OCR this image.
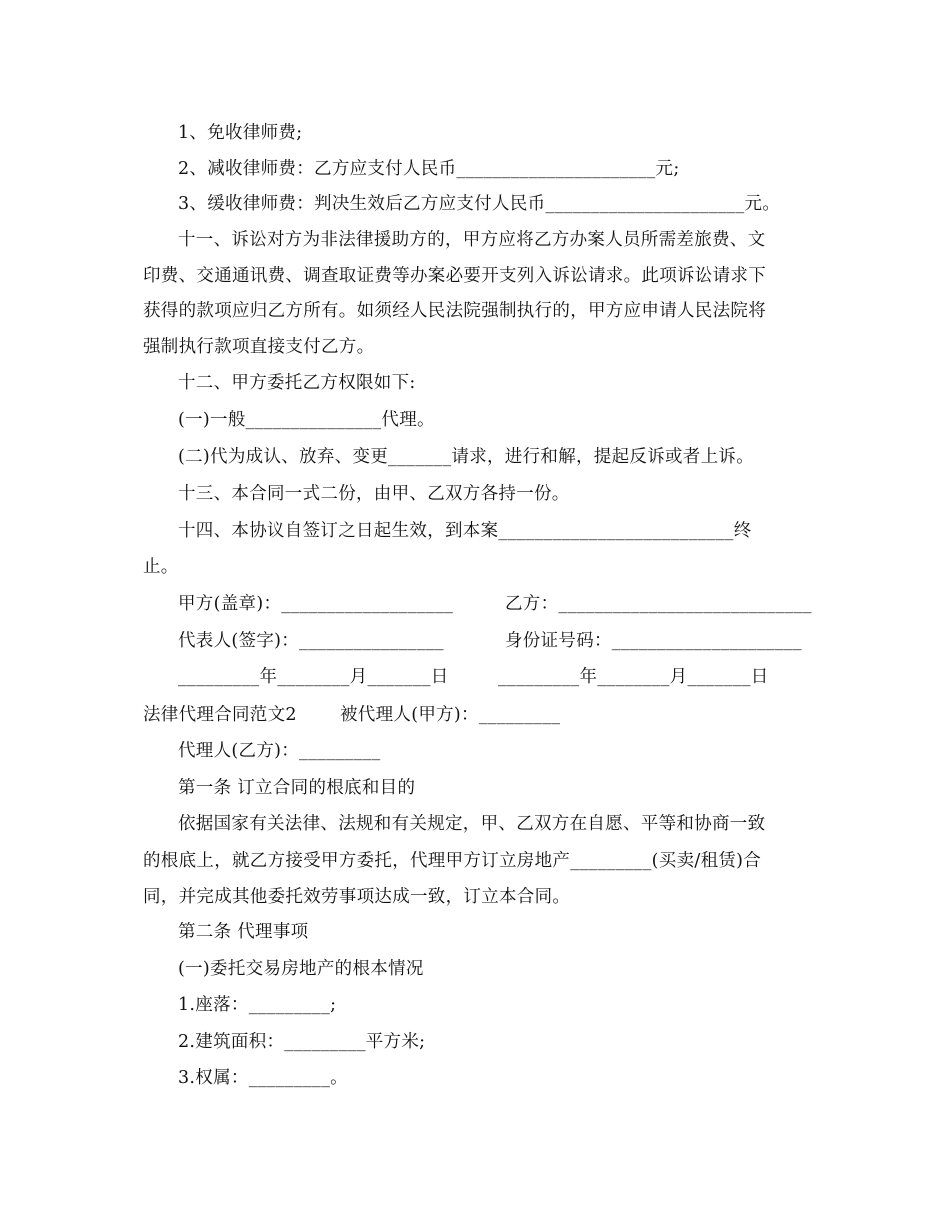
1、免收律师费;
2、减收律师费：乙方应支付人民币______________________元;
3、缓收律师费：判决生效后乙方应支付人民币______________________元。
十一、诉讼对方为非法律援助方的，甲方应将乙方办案人员所需差旅费、文
印费、交通通讯费、调查取证费等办案必要开支列入诉讼请求。此项诉讼请求下
获得的款项应归乙方所有。如须经人民法院强制执行的，甲方应申请人民法院将
强制执行款项直接支付乙方。
十二、甲方委托乙方权限如下:
(一)一般_______________代理。
(二)代为成认、放弃、变更_______请求，进行和解，提起反诉或者上诉。
十三、本合同一式二份，由甲、乙双方各持一份。
十四、本协议自签订之日起生效，到本案__________________________终
止。
甲方(盖章)：___________________	乙方：____________________________
代表人(签字)：________________	身份证号码：_____________________
_________年________月_______日	_________年________月_______日
法律代理合同范文2 被代理人(甲方)：_________
代理人(乙方)：_________
第一条 订立合同的根底和目的
依据国家有关法律、法规和有关规定，甲、乙双方在自愿、平等和协商一致
的根底上，就乙方接受甲方委托，代理甲方订立房地产_________(买卖/租赁)合
同，并完成其他委托效劳事项达成一致，订立本合同。
第二条 代理事项
(一)委托交易房地产的根本情况
1.座落：_________;
2.建筑面积：_________平方米;
3.权属：_________。
